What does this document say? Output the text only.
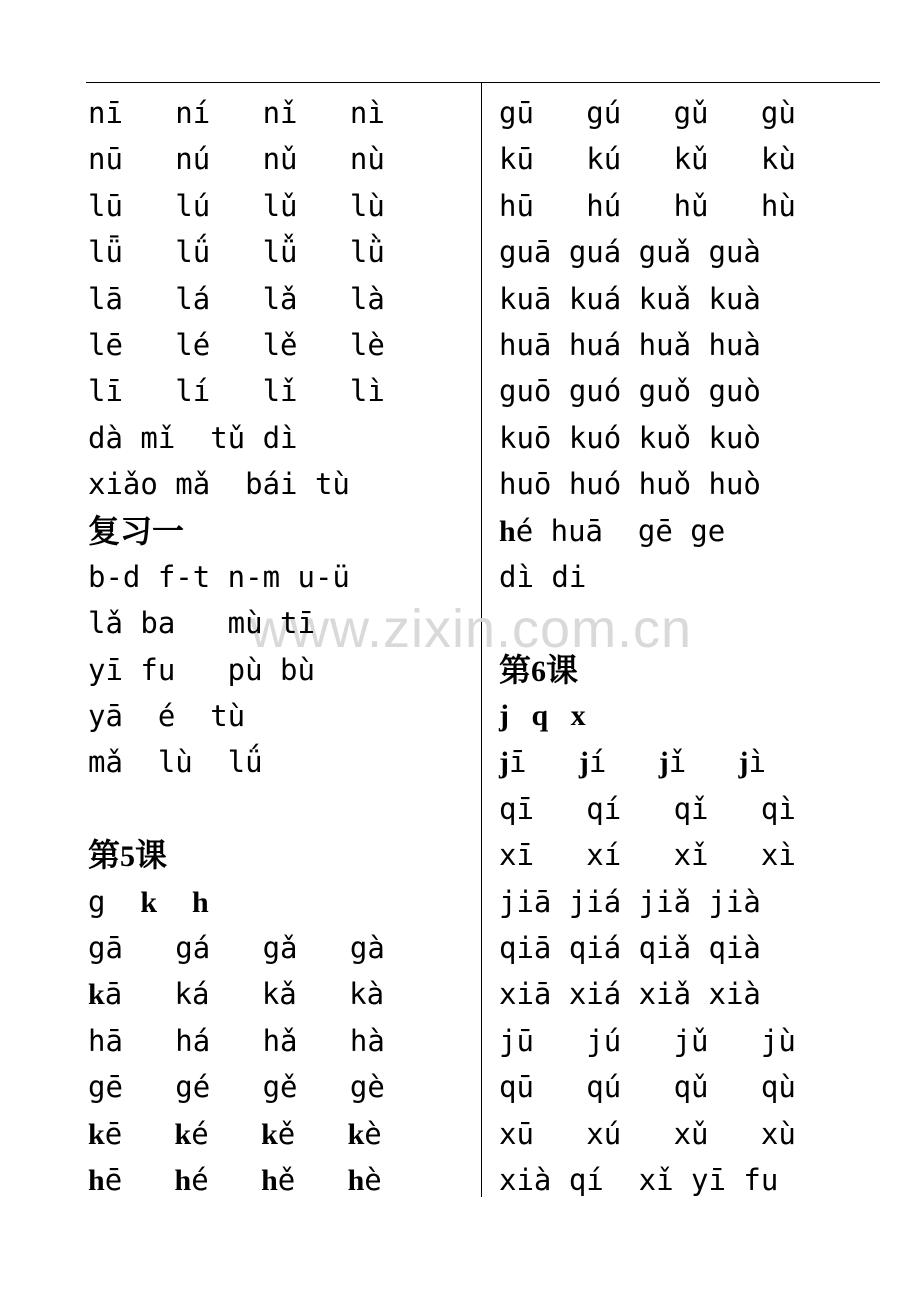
www.zixin.com.cn
nī   ní   nǐ   nì
nū   nú   nǔ   nù
lū   lú   lǔ   lù
lǖ   lǘ   lǚ   lǜ
lā   lá   lǎ   là
lē   lé   lě   lè
lī   lí   lǐ   lì
dà mǐ  tǔ dì
xiǎo mǎ  bái tù
复习一
b-d f-t n-m u-ü
lǎ ba   mù tī
yī fu   pù bù
yā  é  tù
mǎ  lù  lǘ
第5课
g k h
gā   gá   gǎ   gà
kā   ká   kǎ   kà
hā   há   hǎ   hà
gē   gé   gě   gè
kē   ké   kě   kè
hē   hé   hě   hè
gū   gú   gǔ   gù
kū   kú   kǔ   kù
hū   hú   hǔ   hù
guā guá guǎ guà
kuā kuá kuǎ kuà
huā huá huǎ huà
guō guó guǒ guò
kuō kuó kuǒ kuò
huō huó huǒ huò
hé huā  gē ge
dì di
第6课
j   q   x
jī   jí   jǐ   jì
qī   qí   qǐ   qì
xī   xí   xǐ   xì
jiā jiá jiǎ jià
qiā qiá qiǎ qià
xiā xiá xiǎ xià
jū   jú   jǔ   jù
qū   qú   qǔ   qù
xū   xú   xǔ   xù
xià qí  xǐ yī fu
